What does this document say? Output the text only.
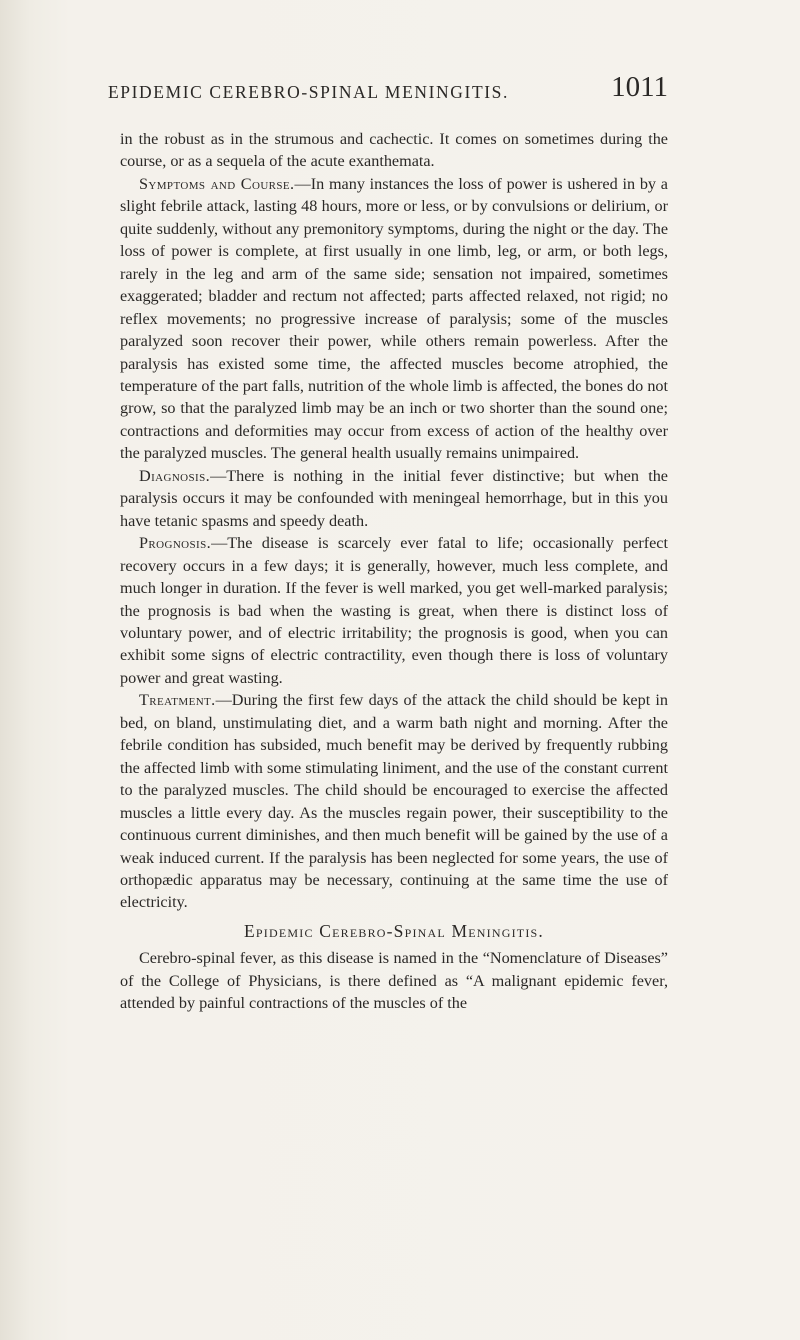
EPIDEMIC CEREBRO-SPINAL MENINGITIS.	1011

in the robust as in the strumous and cachectic. It comes on sometimes during the course, or as a sequela of the acute exanthemata.

Symptoms and Course.—In many instances the loss of power is ushered in by a slight febrile attack, lasting 48 hours, more or less, or by convulsions or delirium, or quite suddenly, without any premonitory symptoms, during the night or the day. The loss of power is complete, at first usually in one limb, leg, or arm, or both legs, rarely in the leg and arm of the same side; sensation not impaired, sometimes exaggerated; bladder and rectum not affected; parts affected relaxed, not rigid; no reflex movements; no progressive increase of paralysis; some of the muscles paralyzed soon recover their power, while others remain powerless. After the paralysis has existed some time, the affected muscles become atrophied, the temperature of the part falls, nutrition of the whole limb is affected, the bones do not grow, so that the paralyzed limb may be an inch or two shorter than the sound one; contractions and deformities may occur from excess of action of the healthy over the paralyzed muscles. The general health usually remains unimpaired.

Diagnosis.—There is nothing in the initial fever distinctive; but when the paralysis occurs it may be confounded with meningeal hemorrhage, but in this you have tetanic spasms and speedy death.

Prognosis.—The disease is scarcely ever fatal to life; occasionally perfect recovery occurs in a few days; it is generally, however, much less complete, and much longer in duration. If the fever is well marked, you get well-marked paralysis; the prognosis is bad when the wasting is great, when there is distinct loss of voluntary power, and of electric irritability; the prognosis is good, when you can exhibit some signs of electric contractility, even though there is loss of voluntary power and great wasting.

Treatment.—During the first few days of the attack the child should be kept in bed, on bland, unstimulating diet, and a warm bath night and morning. After the febrile condition has subsided, much benefit may be derived by frequently rubbing the affected limb with some stimulating liniment, and the use of the constant current to the paralyzed muscles. The child should be encouraged to exercise the affected muscles a little every day. As the muscles regain power, their susceptibility to the continuous current diminishes, and then much benefit will be gained by the use of a weak induced current. If the paralysis has been neglected for some years, the use of orthopædic apparatus may be necessary, continuing at the same time the use of electricity.

Epidemic Cerebro-Spinal Meningitis.

Cerebro-spinal fever, as this disease is named in the “Nomenclature of Diseases” of the College of Physicians, is there defined as “A malignant epidemic fever, attended by painful contractions of the muscles of the
